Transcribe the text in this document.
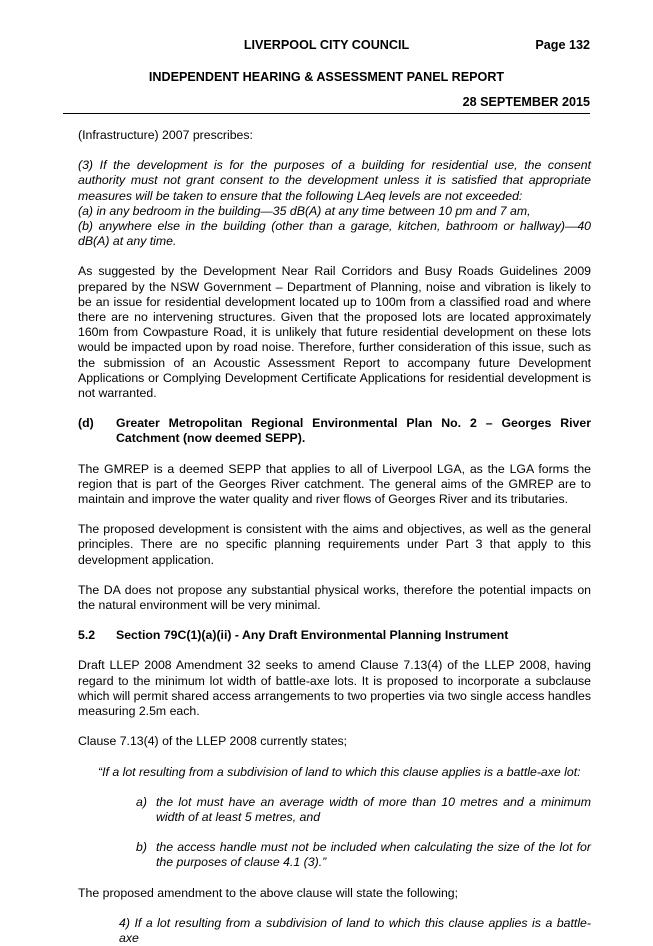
LIVERPOOL CITY COUNCIL	Page 132
INDEPENDENT HEARING & ASSESSMENT PANEL REPORT
28 SEPTEMBER 2015

(Infrastructure) 2007 prescribes:

(3) If the development is for the purposes of a building for residential use, the consent authority must not grant consent to the development unless it is satisfied that appropriate measures will be taken to ensure that the following LAeq levels are not exceeded:

(a) in any bedroom in the building—35 dB(A) at any time between 10 pm and 7 am,

(b) anywhere else in the building (other than a garage, kitchen, bathroom or hallway)—40 dB(A) at any time.

As suggested by the Development Near Rail Corridors and Busy Roads Guidelines 2009 prepared by the NSW Government – Department of Planning, noise and vibration is likely to be an issue for residential development located up to 100m from a classified road and where there are no intervening structures. Given that the proposed lots are located approximately 160m from Cowpasture Road, it is unlikely that future residential development on these lots would be impacted upon by road noise. Therefore, further consideration of this issue, such as the submission of an Acoustic Assessment Report to accompany future Development Applications or Complying Development Certificate Applications for residential development is not warranted.

(d)	Greater Metropolitan Regional Environmental Plan No. 2 – Georges River Catchment (now deemed SEPP).

The GMREP is a deemed SEPP that applies to all of Liverpool LGA, as the LGA forms the region that is part of the Georges River catchment. The general aims of the GMREP are to maintain and improve the water quality and river flows of Georges River and its tributaries.

The proposed development is consistent with the aims and objectives, as well as the general principles. There are no specific planning requirements under Part 3 that apply to this development application.

The DA does not propose any substantial physical works, therefore the potential impacts on the natural environment will be very minimal.

5.2	Section 79C(1)(a)(ii) - Any Draft Environmental Planning Instrument

Draft LLEP 2008 Amendment 32 seeks to amend Clause 7.13(4) of the LLEP 2008, having regard to the minimum lot width of battle-axe lots. It is proposed to incorporate a subclause which will permit shared access arrangements to two properties via two single access handles measuring 2.5m each.

Clause 7.13(4) of the LLEP 2008 currently states;

“If a lot resulting from a subdivision of land to which this clause applies is a battle-axe lot:

a) the lot must have an average width of more than 10 metres and a minimum width of at least 5 metres, and
b) the access handle must not be included when calculating the size of the lot for the purposes of clause 4.1 (3).”

The proposed amendment to the above clause will state the following;

4) If a lot resulting from a subdivision of land to which this clause applies is a battle-axe
